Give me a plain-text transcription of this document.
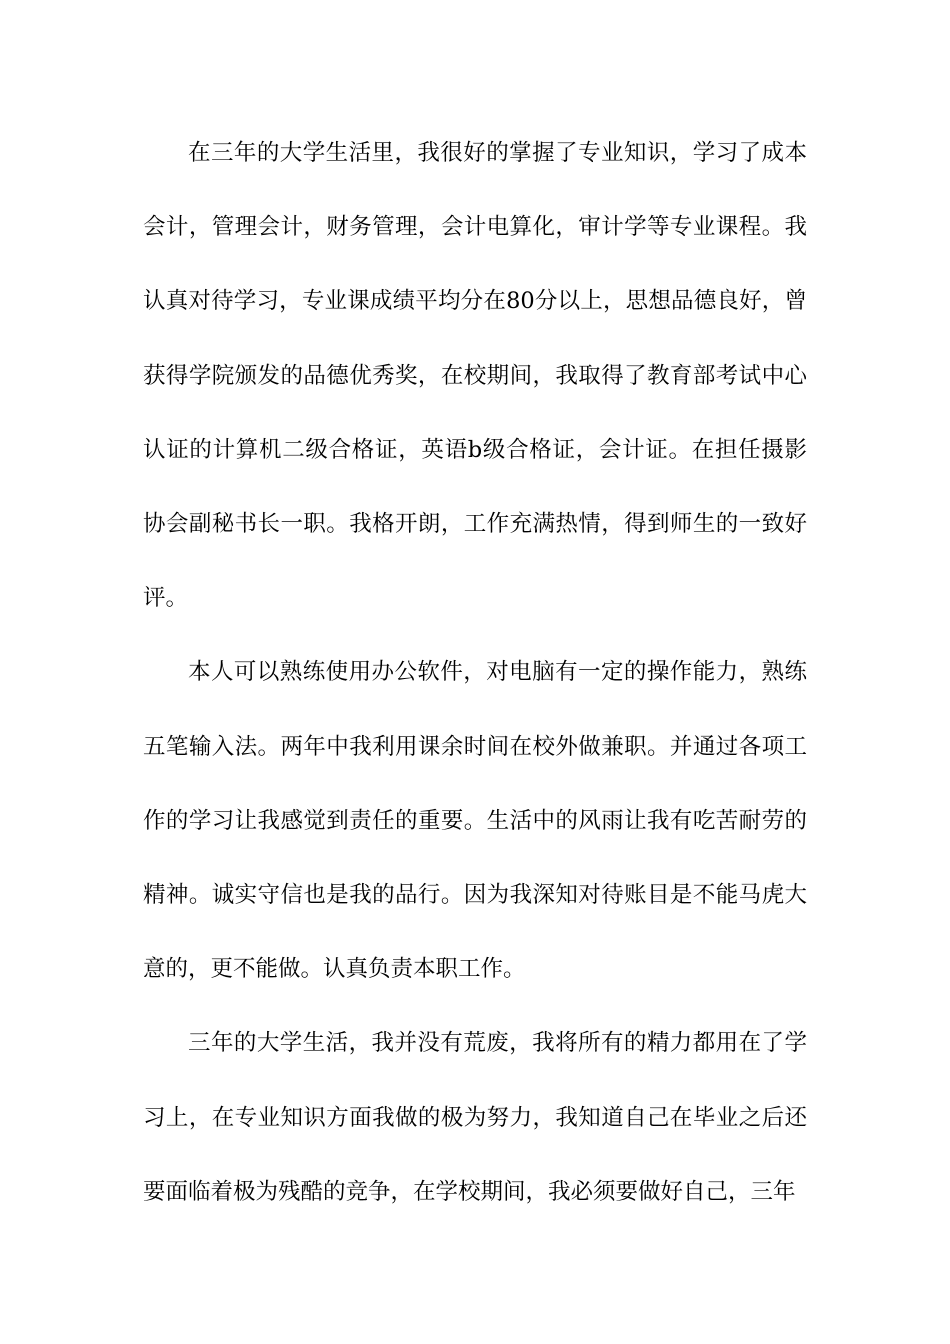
在三年的大学生活里，我很好的掌握了专业知识，学习了成本会计，管理会计，财务管理，会计电算化，审计学等专业课程。我认真对待学习，专业课成绩平均分在80分以上，思想品德良好，曾获得学院颁发的品德优秀奖，在校期间，我取得了教育部考试中心认证的计算机二级合格证，英语b级合格证，会计证。在担任摄影协会副秘书长一职。我格开朗，工作充满热情，得到师生的一致好评。

本人可以熟练使用办公软件，对电脑有一定的操作能力，熟练五笔输入法。两年中我利用课余时间在校外做兼职。并通过各项工作的学习让我感觉到责任的重要。生活中的风雨让我有吃苦耐劳的精神。诚实守信也是我的品行。因为我深知对待账目是不能马虎大意的，更不能做。认真负责本职工作。

三年的大学生活，我并没有荒废，我将所有的精力都用在了学习上，在专业知识方面我做的极为努力，我知道自己在毕业之后还要面临着极为残酷的竞争，在学校期间，我必须要做好自己，三年
